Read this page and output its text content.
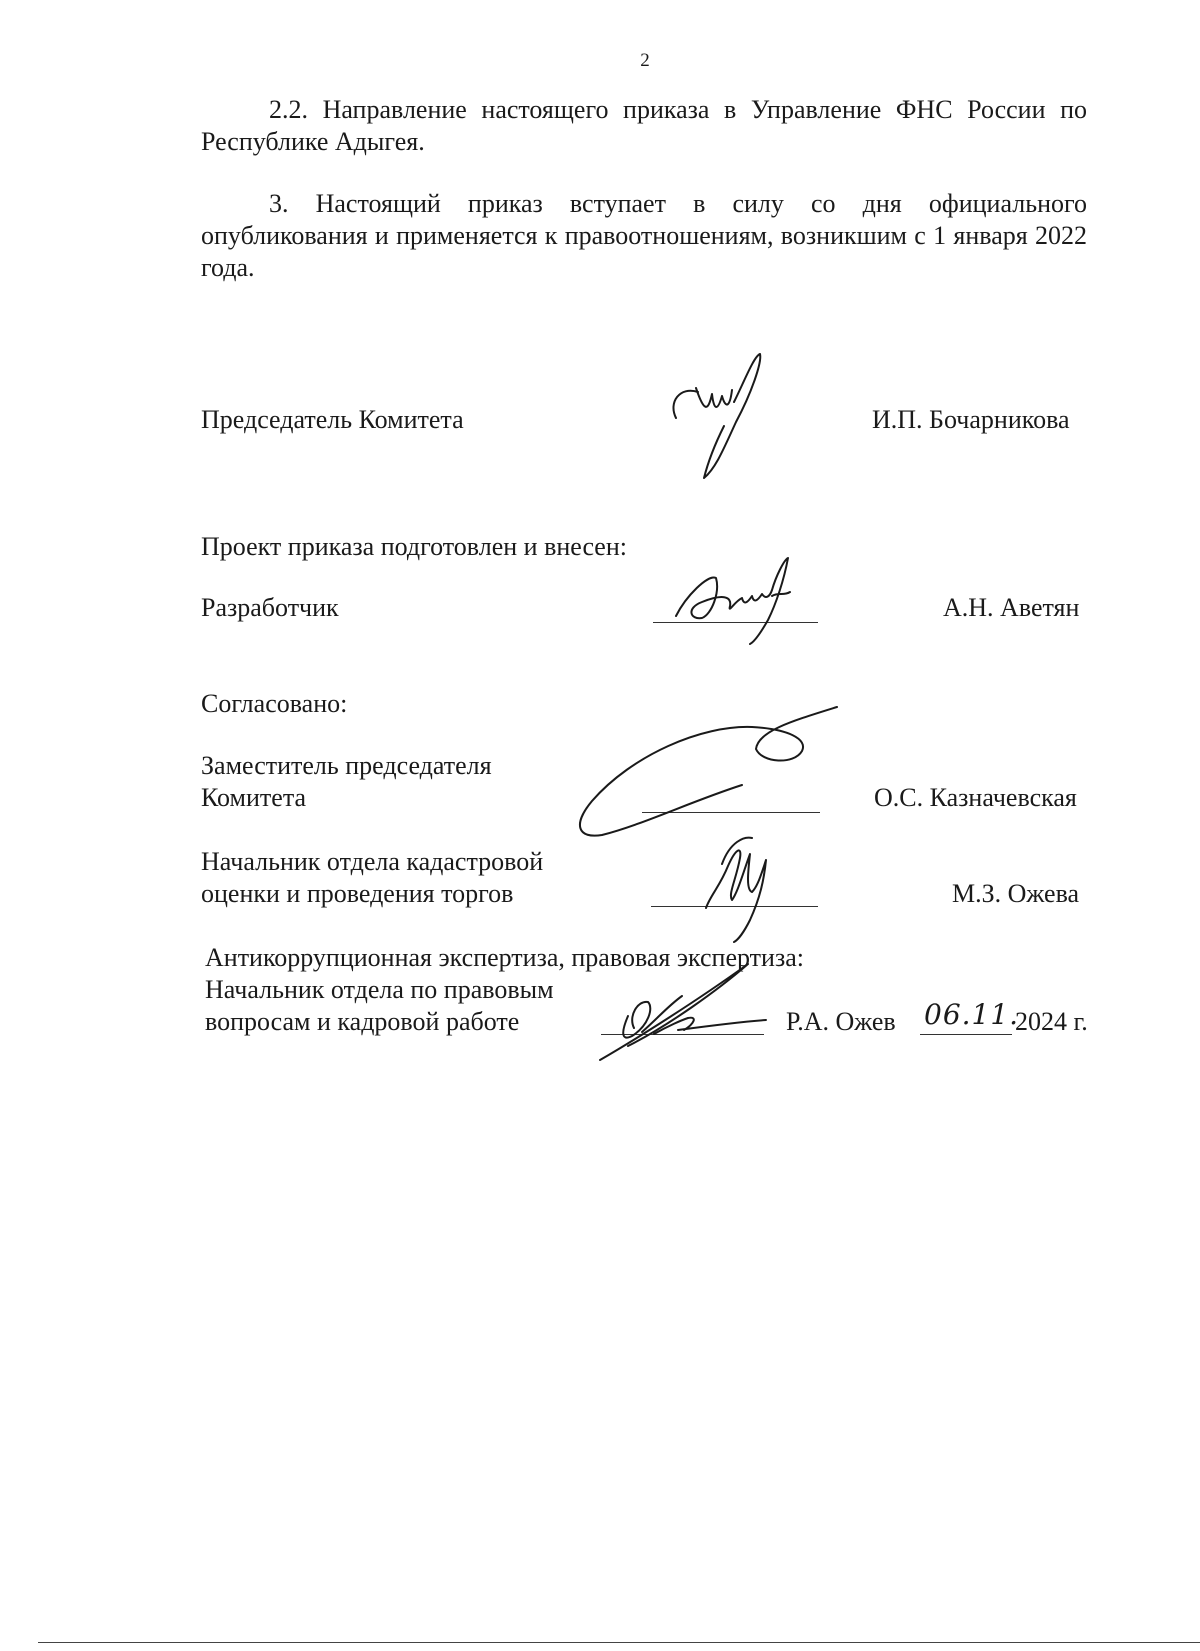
2
2.2. Направление настоящего приказа в Управление ФНС России по Республике Адыгея.
3. Настоящий приказ вступает в силу со дня официального опубликования и применяется к правоотношениям, возникшим с 1 января 2022 года.
Председатель Комитета	И.П. Бочарникова
Проект приказа подготовлен и внесен:
Разработчик	А.Н. Аветян
Согласовано:
Заместитель председателя
Комитета	О.С. Казначевская
Начальник отдела кадастровой
оценки и проведения торгов	М.З. Ожева
Антикоррупционная экспертиза, правовая экспертиза:
Начальник отдела по правовым
вопросам и кадровой работе	Р.А. Ожев 06.11.
2024 г.
